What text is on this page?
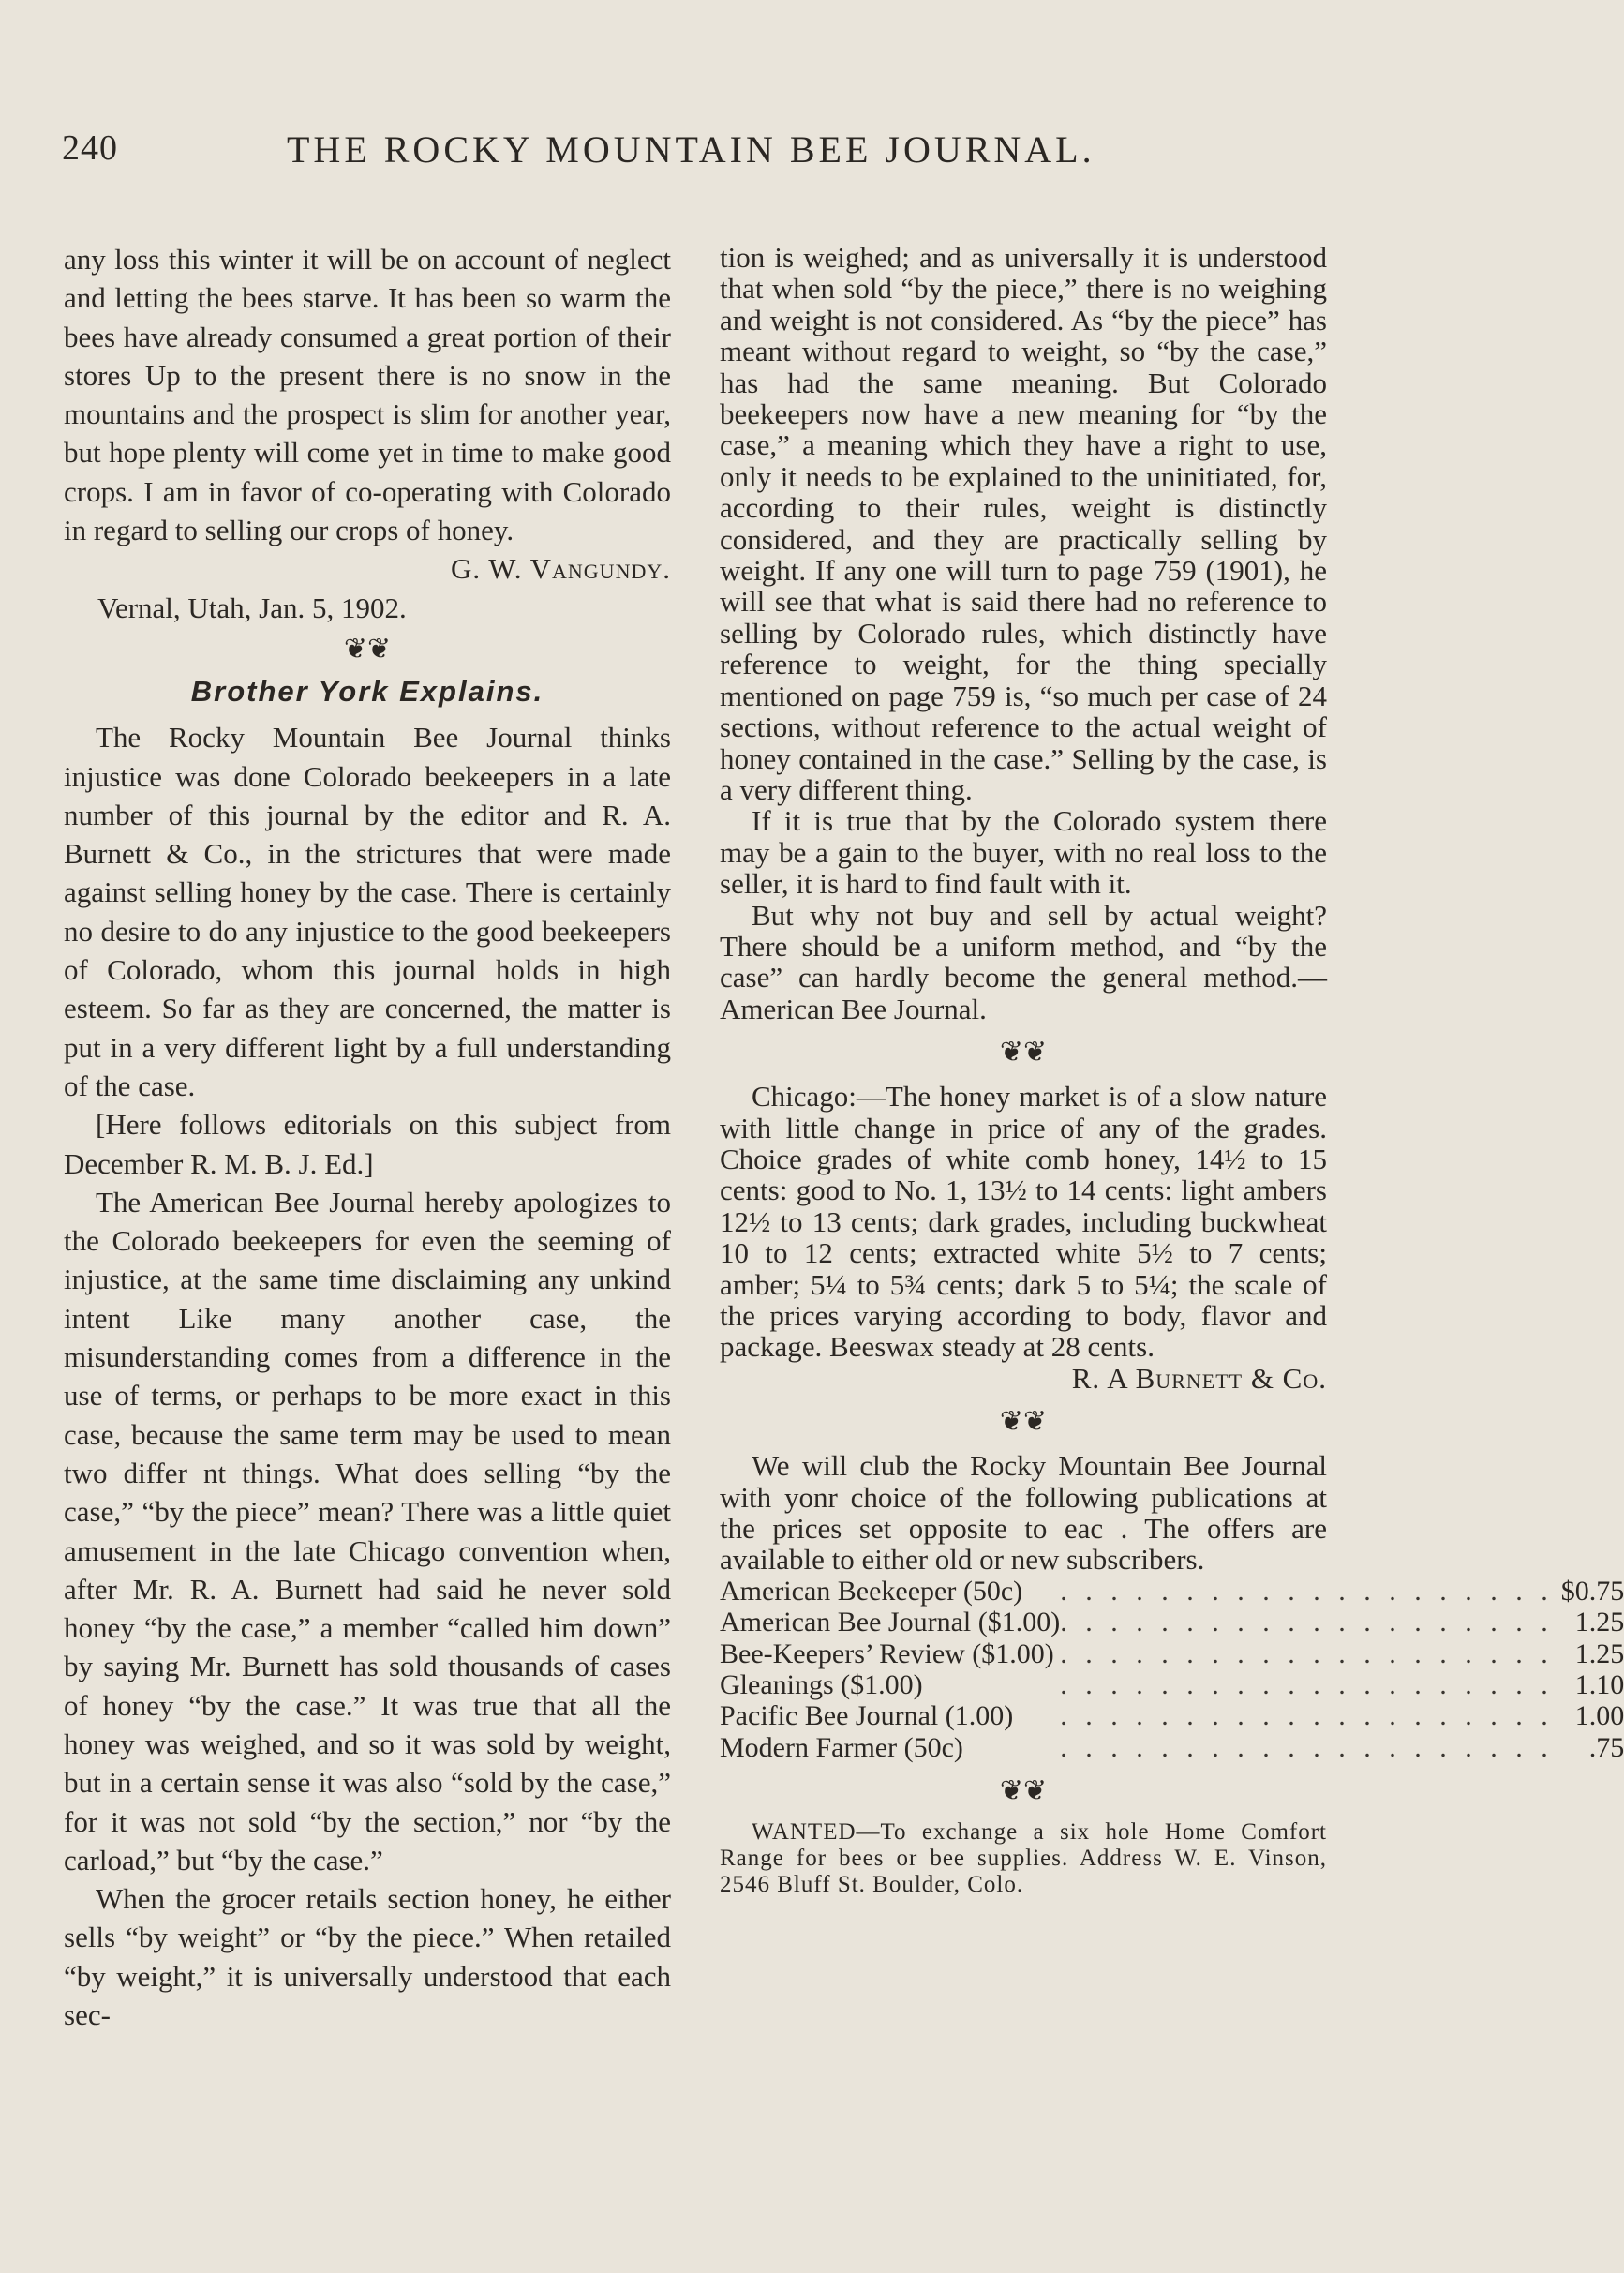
240	THE ROCKY MOUNTAIN BEE JOURNAL.

any loss this winter it will be on account of neglect and letting the bees starve. It has been so warm the bees have already consumed a great portion of their stores Up to the present there is no snow in the mountains and the prospect is slim for another year, but hope plenty will come yet in time to make good crops. I am in favor of co-operating with Colorado in regard to selling our crops of honey.

G. W. Vangundy.

Vernal, Utah, Jan. 5, 1902.

❦❦
Brother York Explains.

The Rocky Mountain Bee Journal thinks injustice was done Colorado beekeepers in a late number of this journal by the editor and R. A. Burnett & Co., in the strictures that were made against selling honey by the case. There is certainly no desire to do any injustice to the good beekeepers of Colorado, whom this journal holds in high esteem. So far as they are concerned, the matter is put in a very different light by a full understanding of the case.

[Here follows editorials on this subject from December R. M. B. J. Ed.]

The American Bee Journal hereby apologizes to the Colorado beekeepers for even the seeming of injustice, at the same time disclaiming any unkind intent Like many another case, the misunderstanding comes from a difference in the use of terms, or perhaps to be more exact in this case, because the same term may be used to mean two differ nt things. What does selling “by the case,” “by the piece” mean? There was a little quiet amusement in the late Chicago convention when, after Mr. R. A. Burnett had said he never sold honey “by the case,” a member “called him down” by saying Mr. Burnett has sold thousands of cases of honey “by the case.” It was true that all the honey was weighed, and so it was sold by weight, but in a certain sense it was also “sold by the case,” for it was not sold “by the section,” nor “by the carload,” but “by the case.”

When the grocer retails section honey, he either sells “by weight” or “by the piece.” When retailed “by weight,” it is universally understood that each sec-

tion is weighed; and as universally it is understood that when sold “by the piece,” there is no weighing and weight is not considered. As “by the piece” has meant without regard to weight, so “by the case,” has had the same meaning. But Colorado beekeepers now have a new meaning for “by the case,” a meaning which they have a right to use, only it needs to be explained to the uninitiated, for, according to their rules, weight is distinctly considered, and they are practically selling by weight. If any one will turn to page 759 (1901), he will see that what is said there had no reference to selling by Colorado rules, which distinctly have reference to weight, for the thing specially mentioned on page 759 is, “so much per case of 24 sections, without reference to the actual weight of honey contained in the case.” Selling by the case, is a very different thing.

If it is true that by the Colorado system there may be a gain to the buyer, with no real loss to the seller, it is hard to find fault with it.

But why not buy and sell by actual weight? There should be a uniform method, and “by the case” can hardly become the general method.—American Bee Journal.

❦❦

Chicago:—The honey market is of a slow nature with little change in price of any of the grades. Choice grades of white comb honey, 14½ to 15 cents: good to No. 1, 13½ to 14 cents: light ambers 12½ to 13 cents; dark grades, including buckwheat 10 to 12 cents; extracted white 5½ to 7 cents; amber; 5¼ to 5¾ cents; dark 5 to 5¼; the scale of the prices varying according to body, flavor and package. Beeswax steady at 28 cents.

R. A Burnett & Co.

❦❦

We will club the Rocky Mountain Bee Journal with yonr choice of the following publications at the prices set opposite to eac . The offers are available to either old or new subscribers.

American Beekeeper (50c)	. . . . . . . . . . . . . . . . . . . .	$0.75
American Bee Journal ($1.00)	. . . . . . . . . . . . . . . . . . . .	1.25
Bee-Keepers’ Review ($1.00)	. . . . . . . . . . . . . . . . . . . .	1.25
Gleanings ($1.00)	. . . . . . . . . . . . . . . . . . . .	1.10
Pacific Bee Journal (1.00)	. . . . . . . . . . . . . . . . . . . .	1.00
Modern Farmer (50c)	. . . . . . . . . . . . . . . . . . . .	.75
❦❦

WANTED—To exchange a six hole Home Comfort Range for bees or bee supplies. Address W. E. Vinson, 2546 Bluff St. Boulder, Colo.
